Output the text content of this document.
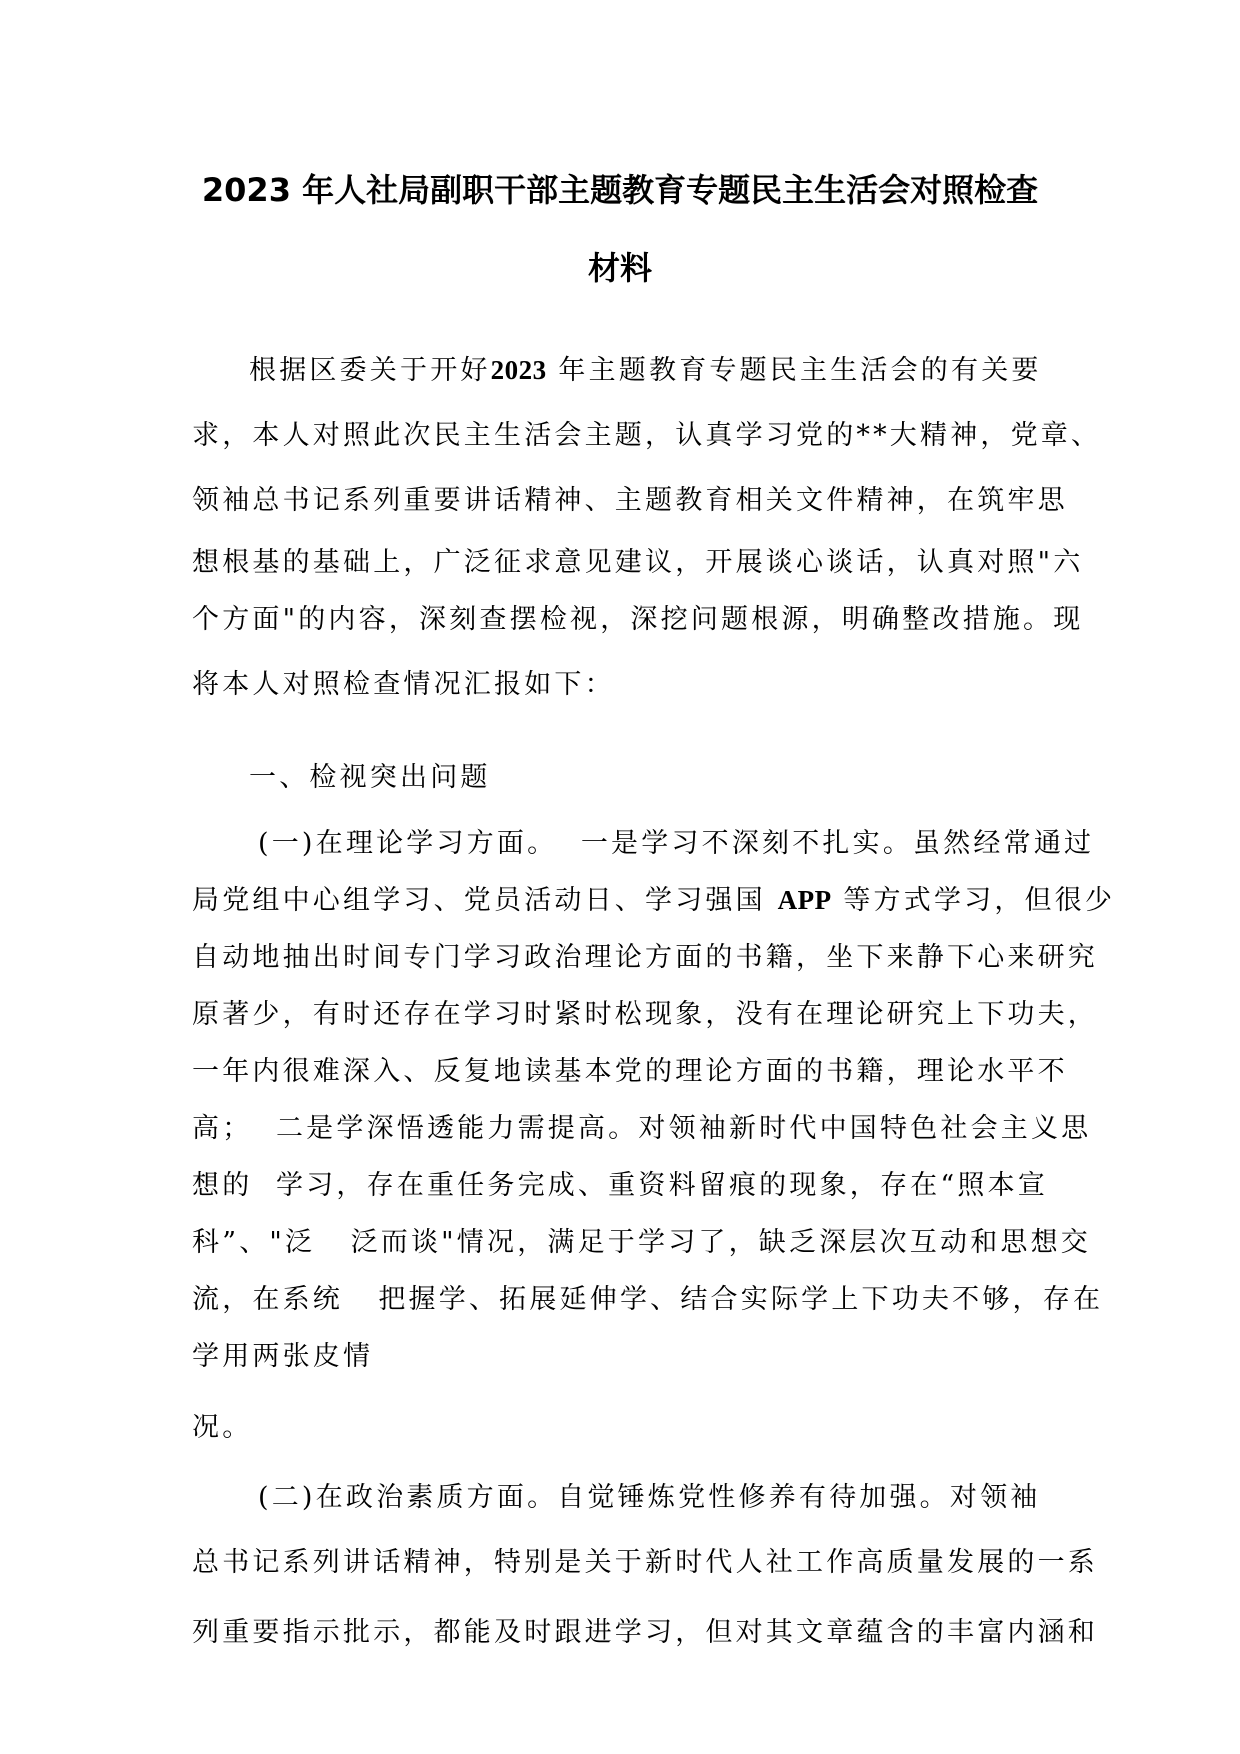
2023 年人社局副职干部主题教育专题民主生活会对照检查
材料
根据区委关于开好2023 年主题教育专题民主生活会的有关要
求，本人对照此次民主生活会主题，认真学习党的**大精神，党章、
领袖总书记系列重要讲话精神、主题教育相关文件精神，在筑牢思
想根基的基础上，广泛征求意见建议，开展谈心谈话，认真对照"六
个方面"的内容，深刻查摆检视，深挖问题根源，明确整改措施。现
将本人对照检查情况汇报如下：
一、检视突出问题
(一)在理论学习方面。  一是学习不深刻不扎实。虽然经常通过
局党组中心组学习、党员活动日、学习强国 APP 等方式学习，但很少
自动地抽出时间专门学习政治理论方面的书籍，坐下来静下心来研究
原著少，有时还存在学习时紧时松现象，没有在理论研究上下功夫，
一年内很难深入、反复地读基本党的理论方面的书籍，理论水平不
高；  二是学深悟透能力需提高。对领袖新时代中国特色社会主义思
想的  学习，存在重任务完成、重资料留痕的现象，存在“照本宣
科”、"泛   泛而谈"情况，满足于学习了，缺乏深层次互动和思想交
流，在系统   把握学、拓展延伸学、结合实际学上下功夫不够，存在
学用两张皮情
况。
(二)在政治素质方面。自觉锤炼党性修养有待加强。对领袖
总书记系列讲话精神，特别是关于新时代人社工作高质量发展的一系
列重要指示批示，都能及时跟进学习，但对其文章蕴含的丰富内涵和
